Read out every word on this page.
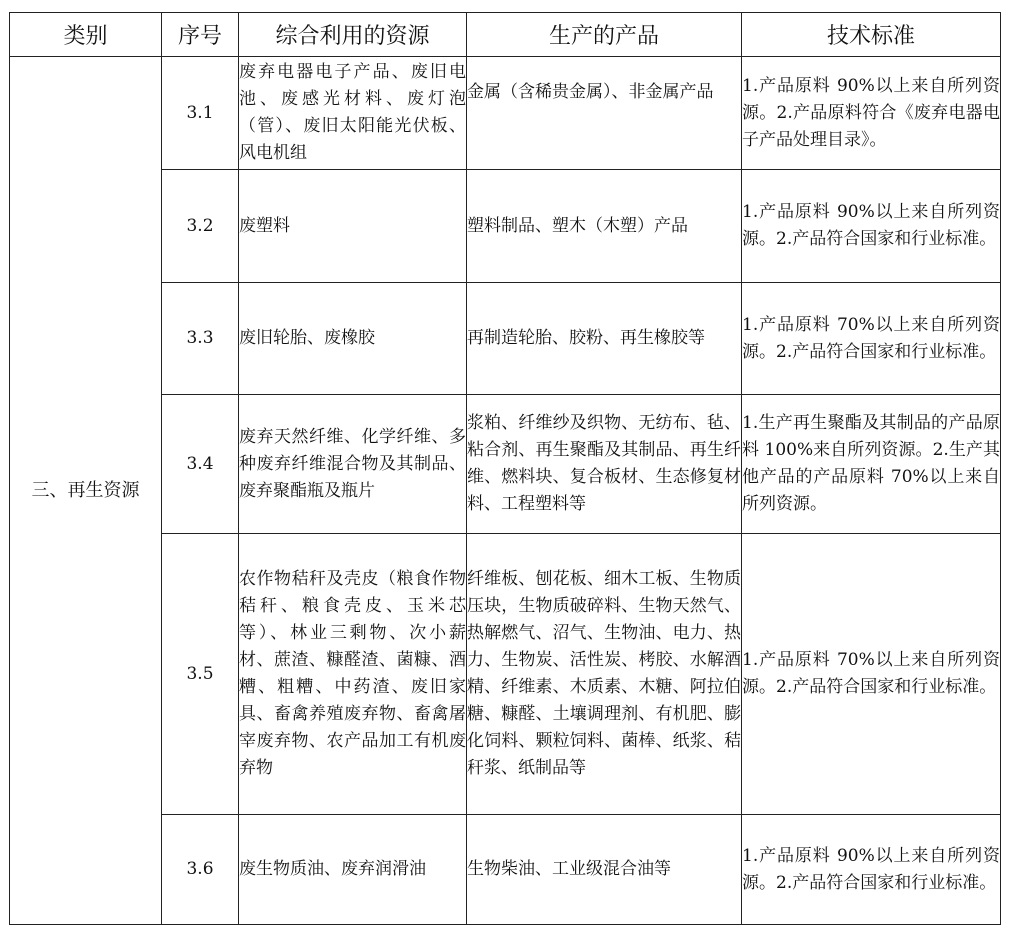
类别	序号	综合利用的资源	生产的产品	技术标准
三、再生资源	3.1	废弃电器电子产品、废旧电池、废感光材料、废灯泡（管）、废旧太阳能光伏板、风电机组	金属（含稀贵金属）、非金属产品	1.产品原料 90%以上来自所列资源。2.产品原料符合《废弃电器电子产品处理目录》。
	3.2	废塑料	塑料制品、塑木（木塑）产品	1.产品原料 90%以上来自所列资源。2.产品符合国家和行业标准。
	3.3	废旧轮胎、废橡胶	再制造轮胎、胶粉、再生橡胶等	1.产品原料 70%以上来自所列资源。2.产品符合国家和行业标准。
	3.4	废弃天然纤维、化学纤维、多种废弃纤维混合物及其制品、废弃聚酯瓶及瓶片	浆粕、纤维纱及织物、无纺布、毡、粘合剂、再生聚酯及其制品、再生纤维、燃料块、复合板材、生态修复材料、工程塑料等	1.生产再生聚酯及其制品的产品原料 100%来自所列资源。2.生产其他产品的产品原料 70%以上来自所列资源。
	3.5	农作物秸秆及壳皮（粮食作物秸秆、粮食壳皮、玉米芯等）、林业三剩物、次小薪材、蔗渣、糠醛渣、菌糠、酒糟、粗糟、中药渣、废旧家具、畜禽养殖废弃物、畜禽屠宰废弃物、农产品加工有机废弃物	纤维板、刨花板、细木工板、生物质压块，生物质破碎料、生物天然气、热解燃气、沼气、生物油、电力、热力、生物炭、活性炭、栲胶、水解酒精、纤维素、木质素、木糖、阿拉伯糖、糠醛、土壤调理剂、有机肥、膨化饲料、颗粒饲料、菌棒、纸浆、秸秆浆、纸制品等	1.产品原料 70%以上来自所列资源。2.产品符合国家和行业标准。
	3.6	废生物质油、废弃润滑油	生物柴油、工业级混合油等	1.产品原料 90%以上来自所列资源。2.产品符合国家和行业标准。
